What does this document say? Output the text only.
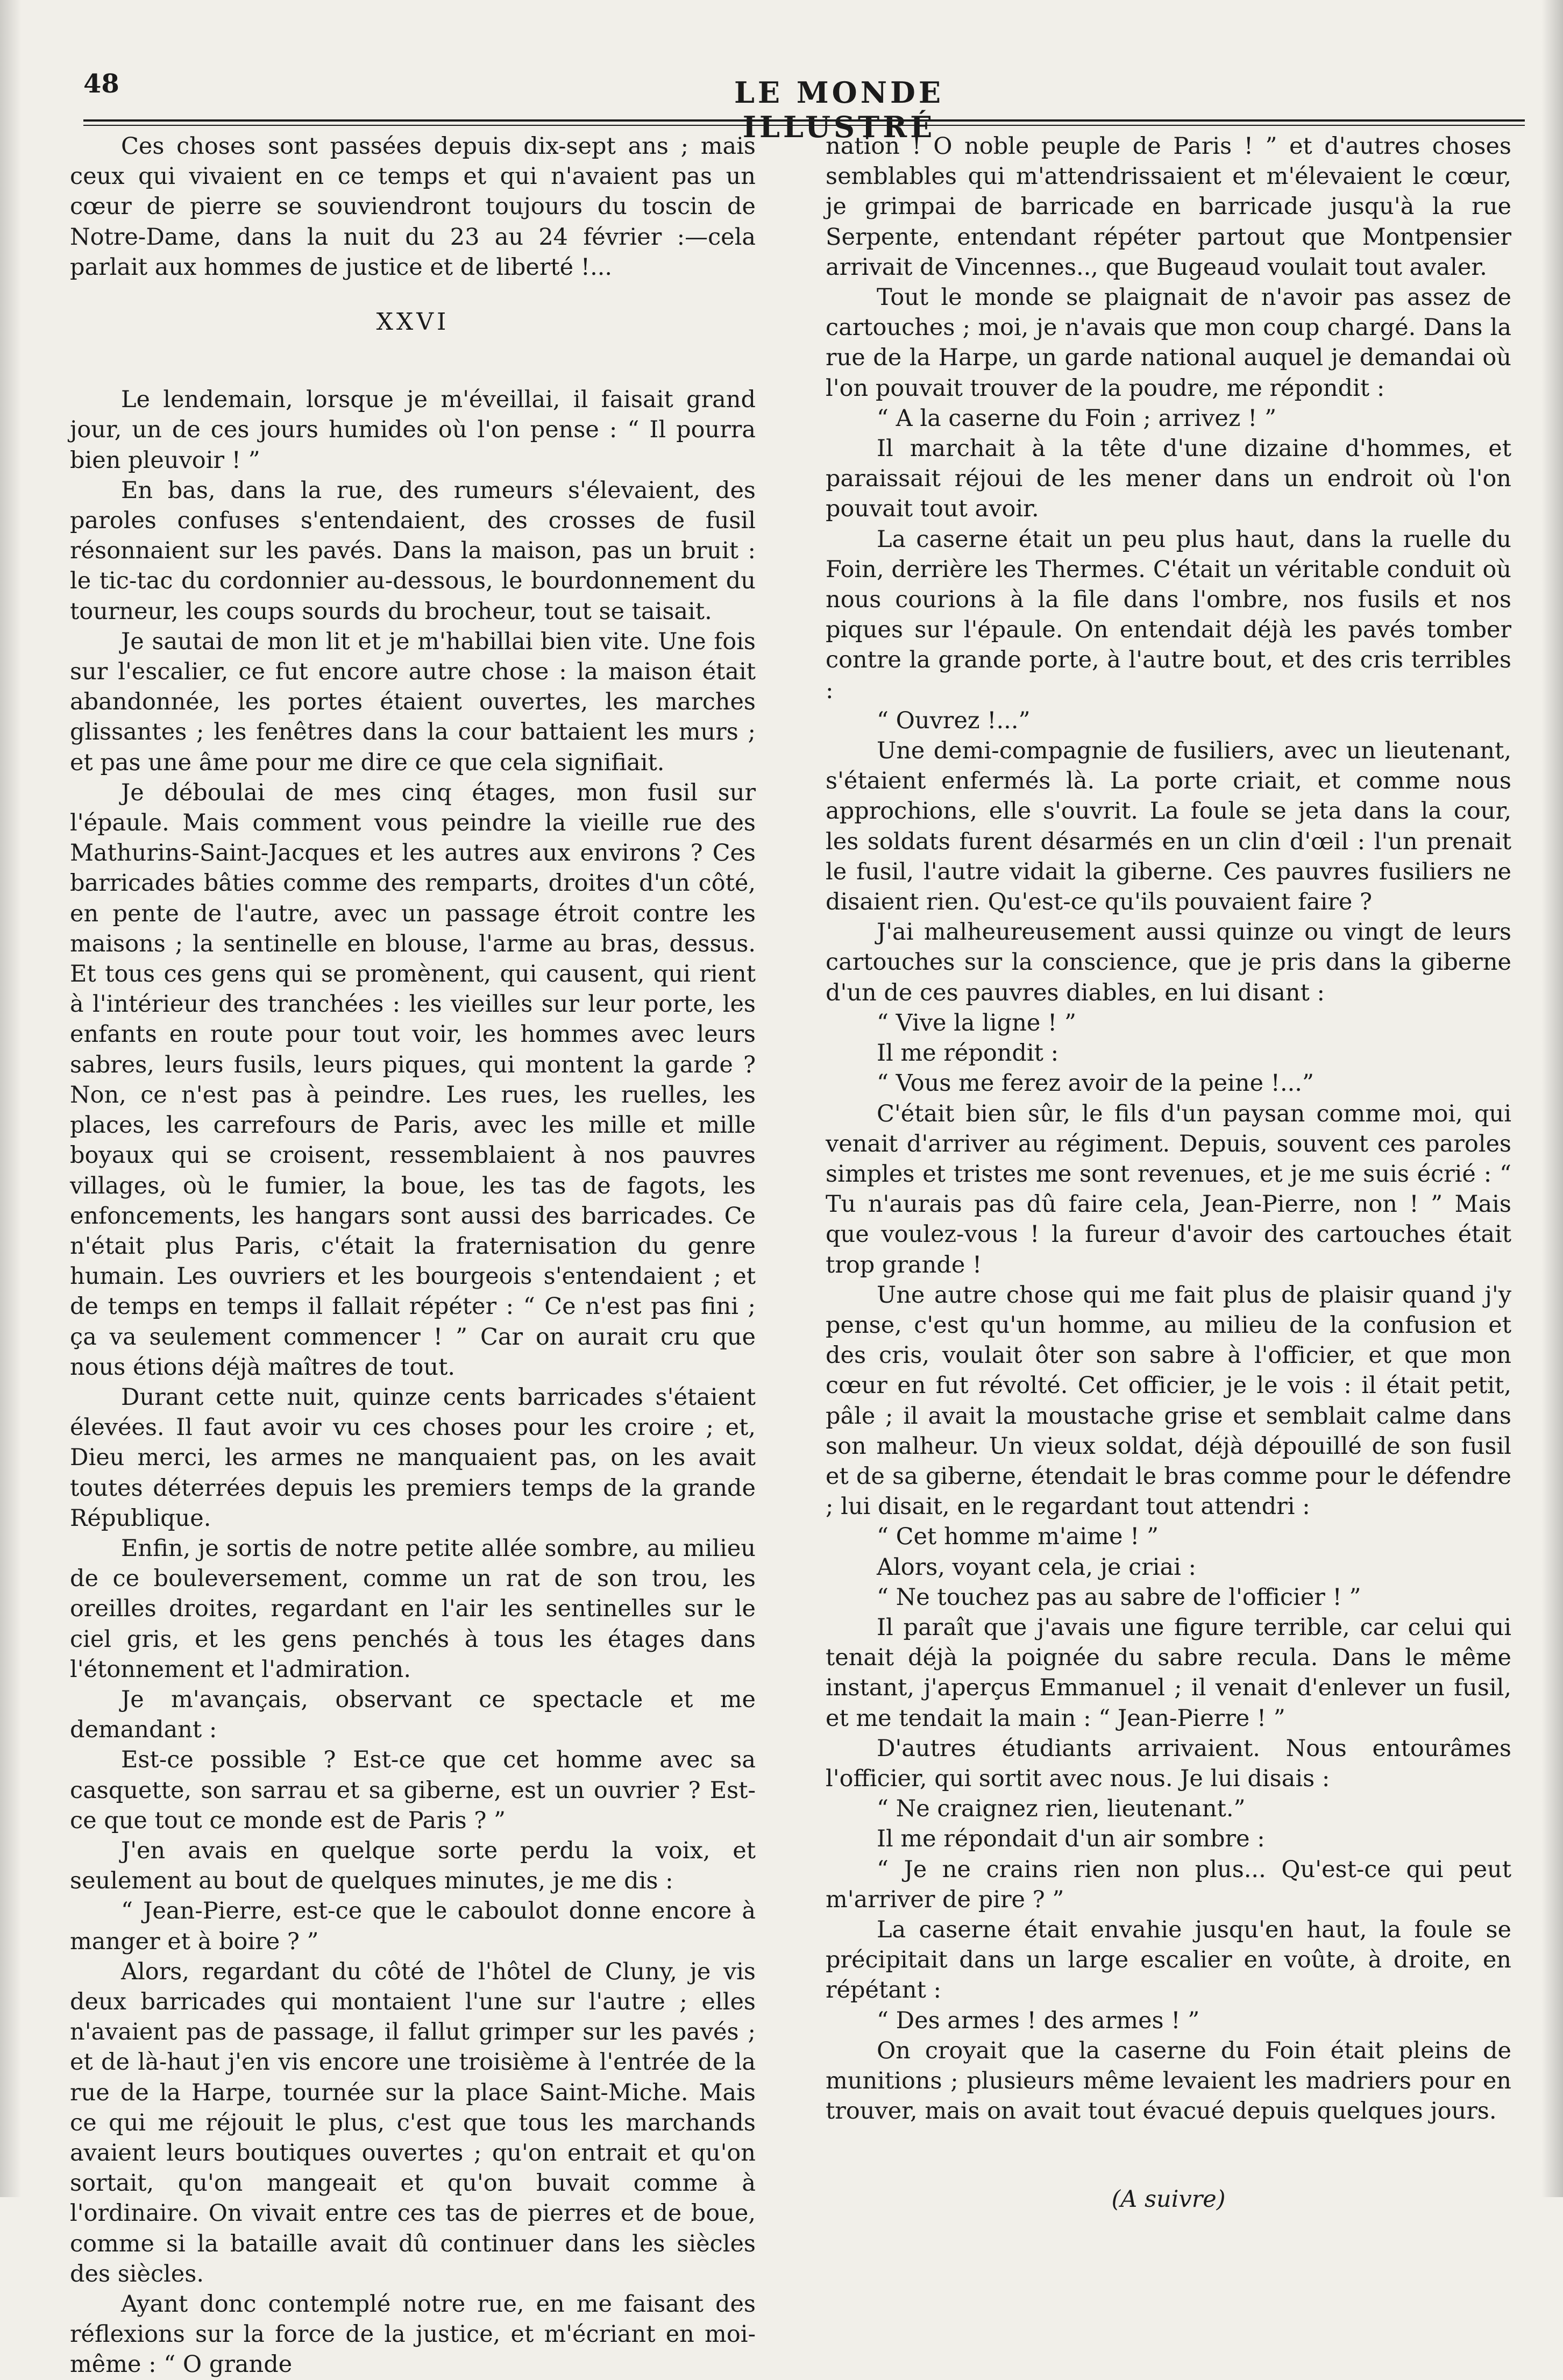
48	LE MONDE ILLUSTRÉ

Ces choses sont passées depuis dix-sept ans ; mais ceux qui vivaient en ce temps et qui n'avaient pas un cœur de pierre se souviendront toujours du toscin de Notre-Dame, dans la nuit du 23 au 24 février :—cela parlait aux hommes de justice et de liberté !...

XXVI

Le lendemain, lorsque je m'éveillai, il faisait grand jour, un de ces jours humides où l'on pense : “ Il pourra bien pleuvoir ! ”

En bas, dans la rue, des rumeurs s'élevaient, des paroles confuses s'entendaient, des crosses de fusil résonnaient sur les pavés. Dans la maison, pas un bruit : le tic-tac du cordonnier au-dessous, le bourdonnement du tourneur, les coups sourds du brocheur, tout se taisait.

Je sautai de mon lit et je m'habillai bien vite. Une fois sur l'escalier, ce fut encore autre chose : la maison était abandonnée, les portes étaient ouvertes, les marches glissantes ; les fenêtres dans la cour battaient les murs ; et pas une âme pour me dire ce que cela signifiait.

Je déboulai de mes cinq étages, mon fusil sur l'épaule. Mais comment vous peindre la vieille rue des Mathurins-Saint-Jacques et les autres aux environs ? Ces barricades bâties comme des remparts, droites d'un côté, en pente de l'autre, avec un passage étroit contre les maisons ; la sentinelle en blouse, l'arme au bras, dessus. Et tous ces gens qui se promènent, qui causent, qui rient à l'intérieur des tranchées : les vieilles sur leur porte, les enfants en route pour tout voir, les hommes avec leurs sabres, leurs fusils, leurs piques, qui montent la garde ? Non, ce n'est pas à peindre. Les rues, les ruelles, les places, les carrefours de Paris, avec les mille et mille boyaux qui se croisent, ressemblaient à nos pauvres villages, où le fumier, la boue, les tas de fagots, les enfoncements, les hangars sont aussi des barricades. Ce n'était plus Paris, c'était la fraternisation du genre humain. Les ouvriers et les bourgeois s'entendaient ; et de temps en temps il fallait répéter : “ Ce n'est pas fini ; ça va seulement commencer ! ” Car on aurait cru que nous étions déjà maîtres de tout.

Durant cette nuit, quinze cents barricades s'étaient élevées. Il faut avoir vu ces choses pour les croire ; et, Dieu merci, les armes ne manquaient pas, on les avait toutes déterrées depuis les premiers temps de la grande République.

Enfin, je sortis de notre petite allée sombre, au milieu de ce bouleversement, comme un rat de son trou, les oreilles droites, regardant en l'air les sentinelles sur le ciel gris, et les gens penchés à tous les étages dans l'étonnement et l'admiration.

Je m'avançais, observant ce spectacle et me demandant :

Est-ce possible ? Est-ce que cet homme avec sa casquette, son sarrau et sa giberne, est un ouvrier ? Est-ce que tout ce monde est de Paris ? ”

J'en avais en quelque sorte perdu la voix, et seulement au bout de quelques minutes, je me dis :

“ Jean-Pierre, est-ce que le caboulot donne encore à manger et à boire ? ”

Alors, regardant du côté de l'hôtel de Cluny, je vis deux barricades qui montaient l'une sur l'autre ; elles n'avaient pas de passage, il fallut grimper sur les pavés ; et de là-haut j'en vis encore une troisième à l'entrée de la rue de la Harpe, tournée sur la place Saint-Miche. Mais ce qui me réjouit le plus, c'est que tous les marchands avaient leurs boutiques ouvertes ; qu'on entrait et qu'on sortait, qu'on mangeait et qu'on buvait comme à l'ordinaire. On vivait entre ces tas de pierres et de boue, comme si la bataille avait dû continuer dans les siècles des siècles.

Ayant donc contemplé notre rue, en me faisant des réflexions sur la force de la justice, et m'écriant en moi-même : “ O grande

nation ! O noble peuple de Paris ! ” et d'autres choses semblables qui m'attendrissaient et m'élevaient le cœur, je grimpai de barricade en barricade jusqu'à la rue Serpente, entendant répéter partout que Montpensier arrivait de Vincennes.., que Bugeaud voulait tout avaler.

Tout le monde se plaignait de n'avoir pas assez de cartouches ; moi, je n'avais que mon coup chargé. Dans la rue de la Harpe, un garde national auquel je demandai où l'on pouvait trouver de la poudre, me répondit :

“ A la caserne du Foin ; arrivez ! ”

Il marchait à la tête d'une dizaine d'hommes, et paraissait réjoui de les mener dans un endroit où l'on pouvait tout avoir.

La caserne était un peu plus haut, dans la ruelle du Foin, derrière les Thermes. C'était un véritable conduit où nous courions à la file dans l'ombre, nos fusils et nos piques sur l'épaule. On entendait déjà les pavés tomber contre la grande porte, à l'autre bout, et des cris terribles :

“ Ouvrez !...”

Une demi-compagnie de fusiliers, avec un lieutenant, s'étaient enfermés là. La porte criait, et comme nous approchions, elle s'ouvrit. La foule se jeta dans la cour, les soldats furent désarmés en un clin d'œil : l'un prenait le fusil, l'autre vidait la giberne. Ces pauvres fusiliers ne disaient rien. Qu'est-ce qu'ils pouvaient faire ?

J'ai malheureusement aussi quinze ou vingt de leurs cartouches sur la conscience, que je pris dans la giberne d'un de ces pauvres diables, en lui disant :

“ Vive la ligne ! ”

Il me répondit :

“ Vous me ferez avoir de la peine !...”

C'était bien sûr, le fils d'un paysan comme moi, qui venait d'arriver au régiment. Depuis, souvent ces paroles simples et tristes me sont revenues, et je me suis écrié : “ Tu n'aurais pas dû faire cela, Jean-Pierre, non ! ” Mais que voulez-vous ! la fureur d'avoir des cartouches était trop grande !

Une autre chose qui me fait plus de plaisir quand j'y pense, c'est qu'un homme, au milieu de la confusion et des cris, voulait ôter son sabre à l'officier, et que mon cœur en fut révolté. Cet officier, je le vois : il était petit, pâle ; il avait la moustache grise et semblait calme dans son malheur. Un vieux soldat, déjà dépouillé de son fusil et de sa giberne, étendait le bras comme pour le défendre ; lui disait, en le regardant tout attendri :

“ Cet homme m'aime ! ”

Alors, voyant cela, je criai :

“ Ne touchez pas au sabre de l'officier ! ”

Il paraît que j'avais une figure terrible, car celui qui tenait déjà la poignée du sabre recula. Dans le même instant, j'aperçus Emmanuel ; il venait d'enlever un fusil, et me tendait la main : “ Jean-Pierre ! ”

D'autres étudiants arrivaient. Nous entourâmes l'officier, qui sortit avec nous. Je lui disais :

“ Ne craignez rien, lieutenant.”

Il me répondait d'un air sombre :

“ Je ne crains rien non plus... Qu'est-ce qui peut m'arriver de pire ? ”

La caserne était envahie jusqu'en haut, la foule se précipitait dans un large escalier en voûte, à droite, en répétant :

“ Des armes ! des armes ! ”

On croyait que la caserne du Foin était pleins de munitions ; plusieurs même levaient les madriers pour en trouver, mais on avait tout évacué depuis quelques jours.

(A suivre)
